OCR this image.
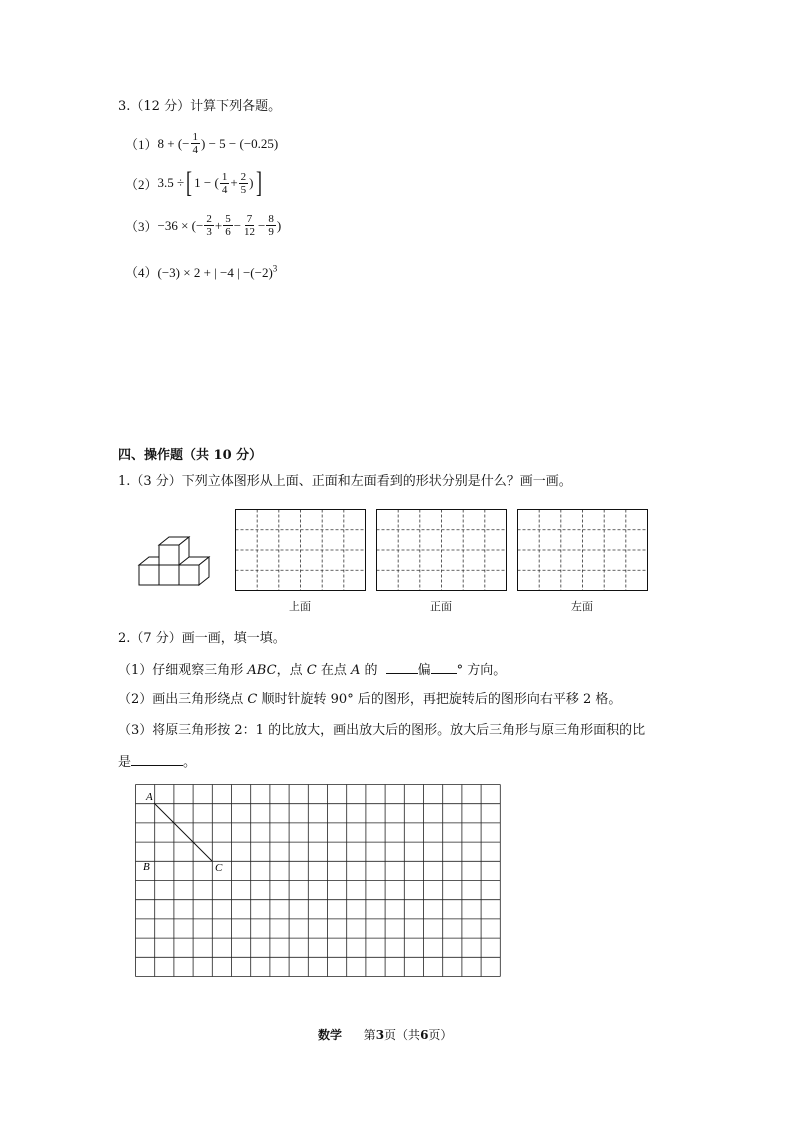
3.（12 分）计算下列各题。
（1） 8 + (− $\frac{1}{4}$ ) − 5 − (−0.25)
（2） 3.5 ÷ [ 1 − ( $\frac{1}{4} + \frac{2}{5}$ ) ]
（3） −36 × (− $\frac{2}{3} + \frac{5}{6} - \frac{7}{12} - \frac{8}{9}$ )
（4）(−3) × 2 + | −4 | $-(-2)^3$
四、操作题（共 10 分）
1.（3 分）下列立体图形从上面、正面和左面看到的形状分别是什么？画一画。
上面	正面	左面
2.（7 分）画一画，填一填。
（1）仔细观察三角形 ABC，点 C 在点 A 的	偏 ° 方向。
（2）画出三角形绕点 C 顺时针旋转 90° 后的图形，再把旋转后的图形向右平移 2 格。
（3）将原三角形按 2：1 的比放大，画出放大后的图形。放大后三角形与原三角形面积的比
是	。
A
B	C
数学 第3页（共6页）
